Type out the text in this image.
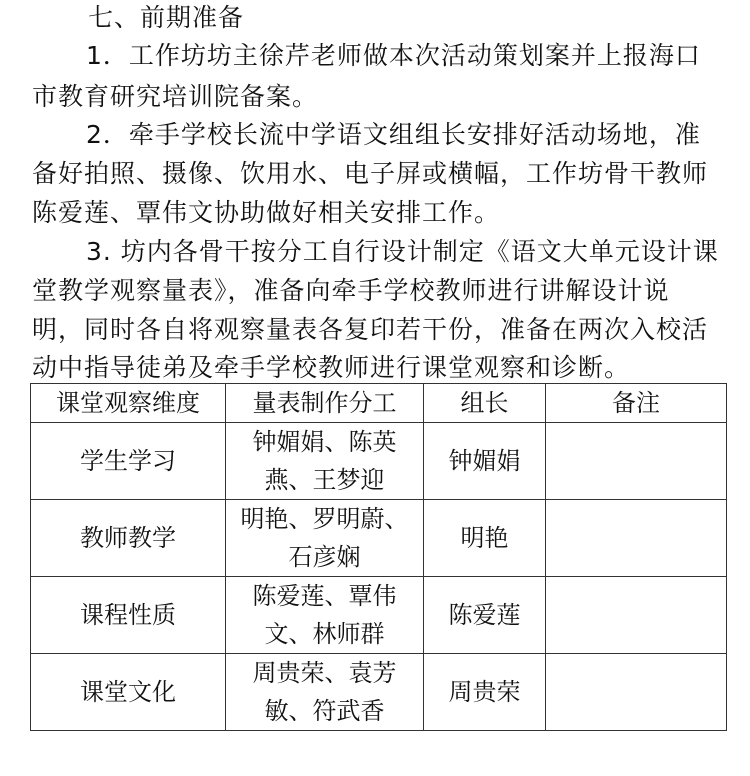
七、前期准备
1．工作坊坊主徐芹老师做本次活动策划案并上报海口
市教育研究培训院备案。
2．牵手学校长流中学语文组组长安排好活动场地，准
备好拍照、摄像、饮用水、电子屏或横幅，工作坊骨干教师
陈爱莲、覃伟文协助做好相关安排工作。
3. 坊内各骨干按分工自行设计制定《语文大单元设计课
堂教学观察量表》，准备向牵手学校教师进行讲解设计说
明，同时各自将观察量表各复印若干份，准备在两次入校活
动中指导徒弟及牵手学校教师进行课堂观察和诊断。
课堂观察维度	量表制作分工	组长	备注
学生学习	钟媚娟、陈英燕、王梦迎	钟媚娟	
教师教学	明艳、罗明蔚、石彦娴	明艳	
课程性质	陈爱莲、覃伟文、林师群	陈爱莲	
课堂文化	周贵荣、袁芳敏、符武香	周贵荣	
